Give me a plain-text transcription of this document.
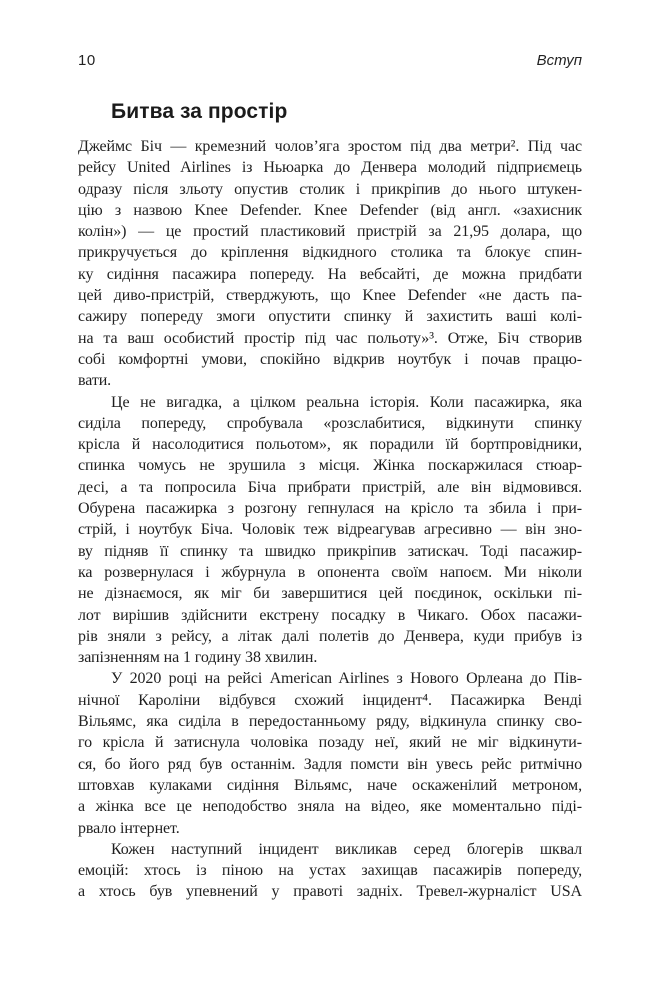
10	Вступ
Битва за простір
Джеймс Біч — кремезний чолов’яга зростом під два метри². Під час
рейсу United Airlines із Ньюарка до Денвера молодий підприємець
одразу після зльоту опустив столик і прикріпив до нього штукен-
цію з назвою Knee Defender. Knee Defender (від англ. «захисник
колін») — це простий пластиковий пристрій за 21,95 долара, що
прикручується до кріплення відкидного столика та блокує спин-
ку сидіння пасажира попереду. На вебсайті, де можна придбати
цей диво-пристрій, стверджують, що Knee Defender «не дасть па-
сажиру попереду змоги опустити спинку й захистить ваші колі-
на та ваш особистий простір під час польоту»³. Отже, Біч створив
собі комфортні умови, спокійно відкрив ноутбук і почав працю-
вати.
Це не вигадка, а цілком реальна історія. Коли пасажирка, яка
сиділа попереду, спробувала «розслабитися, відкинути спинку
крісла й насолодитися польотом», як порадили їй бортпровідники,
спинка чомусь не зрушила з місця. Жінка поскаржилася стюар-
десі, а та попросила Біча прибрати пристрій, але він відмовився.
Обурена пасажирка з розгону гепнулася на крісло та збила і при-
стрій, і ноутбук Біча. Чоловік теж відреагував агресивно — він зно-
ву підняв її спинку та швидко прикріпив затискач. Тоді пасажир-
ка розвернулася і жбурнула в опонента своїм напоєм. Ми ніколи
не дізнаємося, як міг би завершитися цей поєдинок, оскільки пі-
лот вирішив здійснити екстрену посадку в Чикаго. Обох пасажи-
рів зняли з рейсу, а літак далі полетів до Денвера, куди прибув із
запізненням на 1 годину 38 хвилин.
У 2020 році на рейсі American Airlines з Нового Орлеана до Пів-
нічної Кароліни відбувся схожий інцидент⁴. Пасажирка Венді
Вільямс, яка сиділа в передостанньому ряду, відкинула спинку сво-
го крісла й затиснула чоловіка позаду неї, який не міг відкинути-
ся, бо його ряд був останнім. Задля помсти він увесь рейс ритмічно
штовхав кулаками сидіння Вільямс, наче оскаженілий метроном,
а жінка все це неподобство зняла на відео, яке моментально піді-
рвало інтернет.
Кожен наступний інцидент викликав серед блогерів шквал
емоцій: хтось із піною на устах захищав пасажирів попереду,
а хтось був упевнений у правоті задніх. Тревел-журналіст USA
